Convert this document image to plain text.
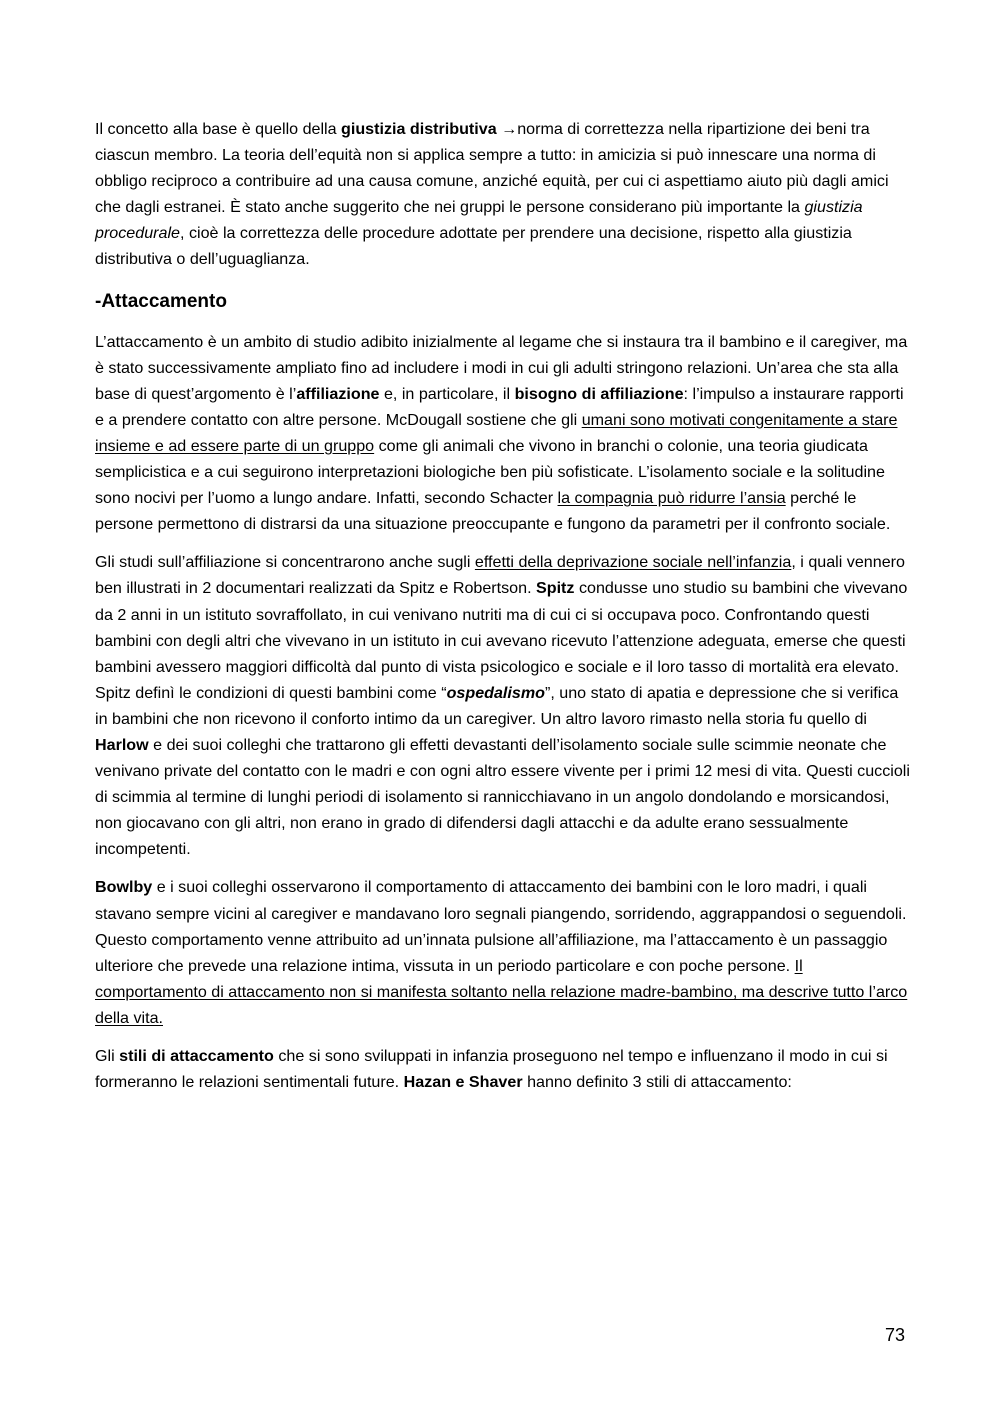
Il concetto alla base è quello della giustizia distributiva →norma di correttezza nella ripartizione dei beni tra ciascun membro. La teoria dell’equità non si applica sempre a tutto: in amicizia si può innescare una norma di obbligo reciproco a contribuire ad una causa comune, anziché equità, per cui ci aspettiamo aiuto più dagli amici che dagli estranei. È stato anche suggerito che nei gruppi le persone considerano più importante la giustizia procedurale, cioè la correttezza delle procedure adottate per prendere una decisione, rispetto alla giustizia distributiva o dell’uguaglianza.

-Attaccamento

L’attaccamento è un ambito di studio adibito inizialmente al legame che si instaura tra il bambino e il caregiver, ma è stato successivamente ampliato fino ad includere i modi in cui gli adulti stringono relazioni. Un’area che sta alla base di quest’argomento è l’affiliazione e, in particolare, il bisogno di affiliazione: l’impulso a instaurare rapporti e a prendere contatto con altre persone. McDougall sostiene che gli umani sono motivati congenitamente a stare insieme e ad essere parte di un gruppo come gli animali che vivono in branchi o colonie, una teoria giudicata semplicistica e a cui seguirono interpretazioni biologiche ben più sofisticate. L’isolamento sociale e la solitudine sono nocivi per l’uomo a lungo andare. Infatti, secondo Schacter la compagnia può ridurre l’ansia perché le persone permettono di distrarsi da una situazione preoccupante e fungono da parametri per il confronto sociale.

Gli studi sull’affiliazione si concentrarono anche sugli effetti della deprivazione sociale nell’infanzia, i quali vennero ben illustrati in 2 documentari realizzati da Spitz e Robertson. Spitz condusse uno studio su bambini che vivevano da 2 anni in un istituto sovraffollato, in cui venivano nutriti ma di cui ci si occupava poco. Confrontando questi bambini con degli altri che vivevano in un istituto in cui avevano ricevuto l’attenzione adeguata, emerse che questi bambini avessero maggiori difficoltà dal punto di vista psicologico e sociale e il loro tasso di mortalità era elevato. Spitz definì le condizioni di questi bambini come “ospedalismo”, uno stato di apatia e depressione che si verifica in bambini che non ricevono il conforto intimo da un caregiver. Un altro lavoro rimasto nella storia fu quello di Harlow e dei suoi colleghi che trattarono gli effetti devastanti dell’isolamento sociale sulle scimmie neonate che venivano private del contatto con le madri e con ogni altro essere vivente per i primi 12 mesi di vita. Questi cuccioli di scimmia al termine di lunghi periodi di isolamento si rannicchiavano in un angolo dondolando e morsicandosi, non giocavano con gli altri, non erano in grado di difendersi dagli attacchi e da adulte erano sessualmente incompetenti.

Bowlby e i suoi colleghi osservarono il comportamento di attaccamento dei bambini con le loro madri, i quali stavano sempre vicini al caregiver e mandavano loro segnali piangendo, sorridendo, aggrappandosi o seguendoli. Questo comportamento venne attribuito ad un’innata pulsione all’affiliazione, ma l’attaccamento è un passaggio ulteriore che prevede una relazione intima, vissuta in un periodo particolare e con poche persone. Il comportamento di attaccamento non si manifesta soltanto nella relazione madre-bambino, ma descrive tutto l’arco della vita.

Gli stili di attaccamento che si sono sviluppati in infanzia proseguono nel tempo e influenzano il modo in cui si formeranno le relazioni sentimentali future. Hazan e Shaver hanno definito 3 stili di attaccamento:

73
